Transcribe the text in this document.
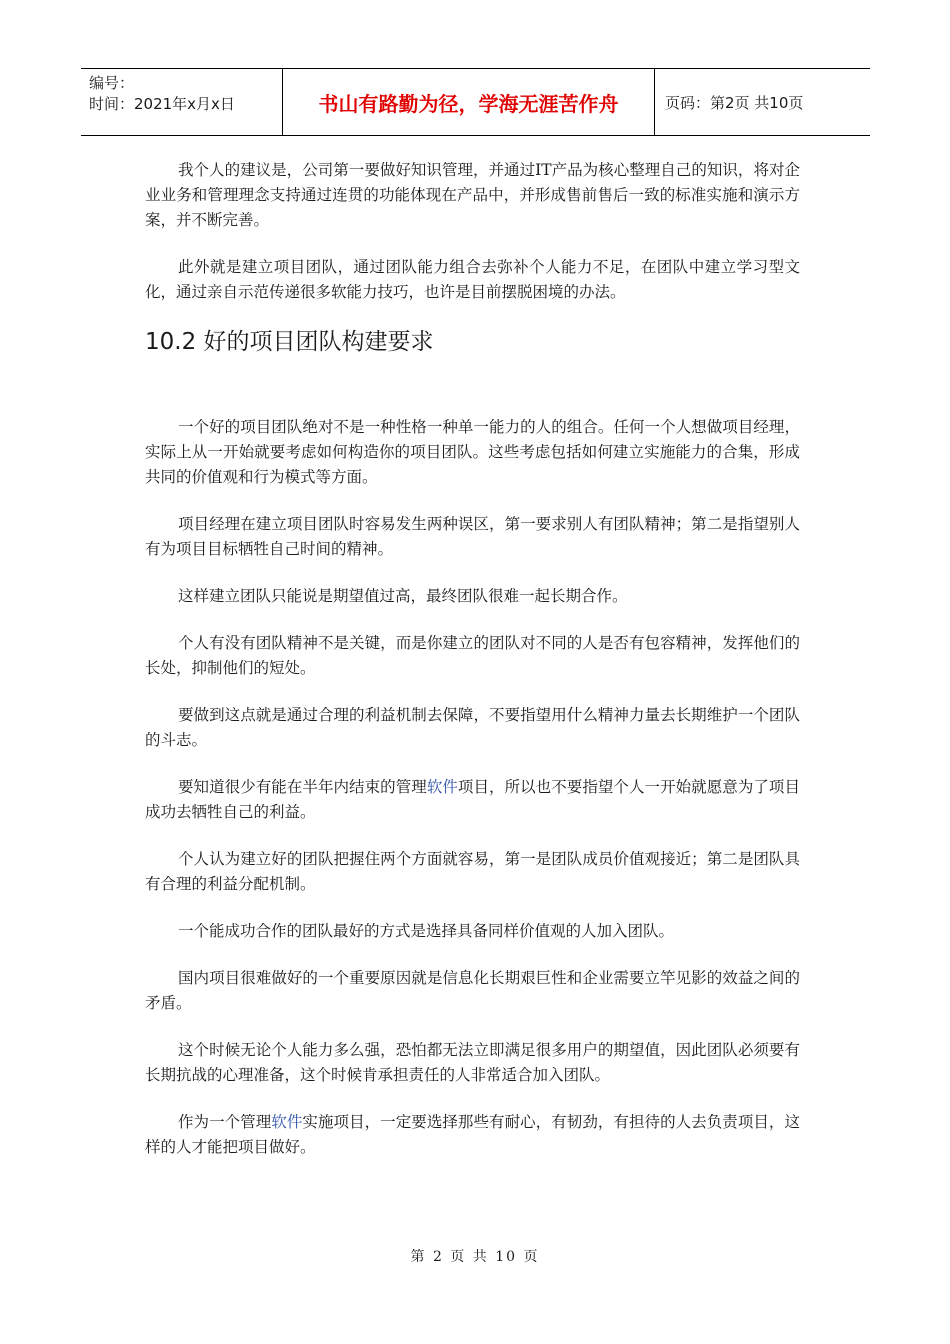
编号：
时间：2021年x月x日	书山有路勤为径，学海无涯苦作舟	页码：第2页 共10页

我个人的建议是，公司第一要做好知识管理，并通过IT产品为核心整理自己的知识，将对企业业务和管理理念支持通过连贯的功能体现在产品中，并形成售前售后一致的标准实施和演示方案，并不断完善。

此外就是建立项目团队，通过团队能力组合去弥补个人能力不足，在团队中建立学习型文化，通过亲自示范传递很多软能力技巧，也许是目前摆脱困境的办法。

10.2 好的项目团队构建要求

一个好的项目团队绝对不是一种性格一种单一能力的人的组合。任何一个人想做项目经理，实际上从一开始就要考虑如何构造你的项目团队。这些考虑包括如何建立实施能力的合集，形成共同的价值观和行为模式等方面。

项目经理在建立项目团队时容易发生两种误区，第一要求别人有团队精神；第二是指望别人有为项目目标牺牲自己时间的精神。

这样建立团队只能说是期望值过高，最终团队很难一起长期合作。

个人有没有团队精神不是关键，而是你建立的团队对不同的人是否有包容精神，发挥他们的长处，抑制他们的短处。

要做到这点就是通过合理的利益机制去保障，不要指望用什么精神力量去长期维护一个团队的斗志。

要知道很少有能在半年内结束的管理软件项目，所以也不要指望个人一开始就愿意为了项目成功去牺牲自己的利益。

个人认为建立好的团队把握住两个方面就容易，第一是团队成员价值观接近；第二是团队具有合理的利益分配机制。

一个能成功合作的团队最好的方式是选择具备同样价值观的人加入团队。

国内项目很难做好的一个重要原因就是信息化长期艰巨性和企业需要立竿见影的效益之间的矛盾。

这个时候无论个人能力多么强，恐怕都无法立即满足很多用户的期望值，因此团队必须要有长期抗战的心理准备，这个时候肯承担责任的人非常适合加入团队。

作为一个管理软件实施项目，一定要选择那些有耐心，有韧劲，有担待的人去负责项目，这样的人才能把项目做好。

第 2 页 共 10 页
